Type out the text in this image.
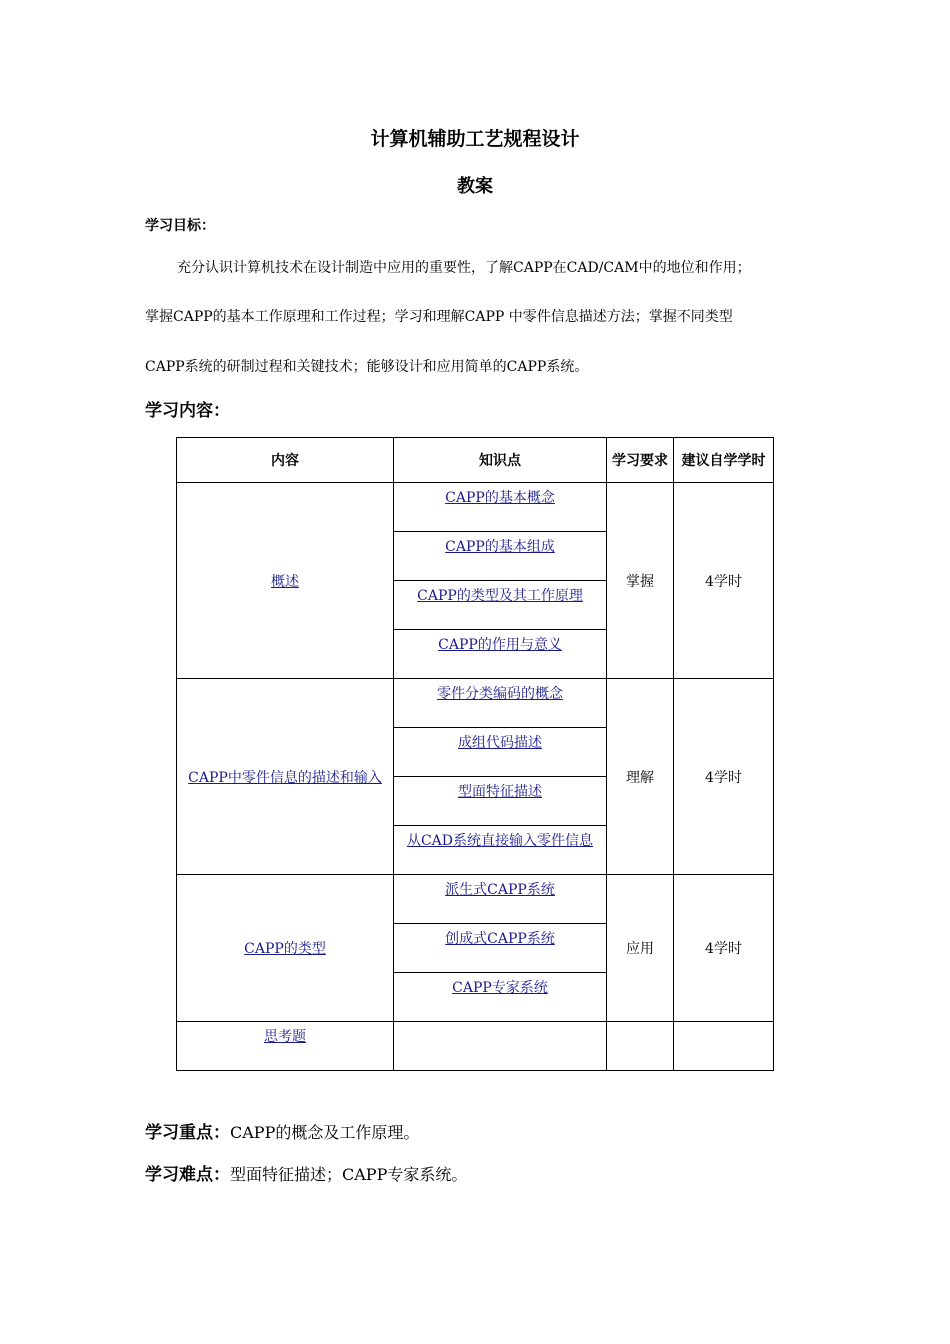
计算机辅助工艺规程设计
教案
学习目标：
充分认识计算机技术在设计制造中应用的重要性，了解CAPP在CAD/CAM中的地位和作用；
掌握CAPP的基本工作原理和工作过程；学习和理解CAPP 中零件信息描述方法；掌握不同类型
CAPP系统的研制过程和关键技术；能够设计和应用简单的CAPP系统。
学习内容：
内容	知识点	学习要求	建议自学学时
概述	CAPP的基本概念	掌握	4学时
	CAPP的基本组成		
	CAPP的类型及其工作原理		
	CAPP的作用与意义		
CAPP中零件信息的描述和输入	零件分类编码的概念	理解	4学时
	成组代码描述		
	型面特征描述		
	从CAD系统直接输入零件信息		
CAPP的类型	派生式CAPP系统	应用	4学时
	创成式CAPP系统		
	CAPP专家系统		
思考题			
学习重点：CAPP的概念及工作原理。
学习难点：型面特征描述；CAPP专家系统。
